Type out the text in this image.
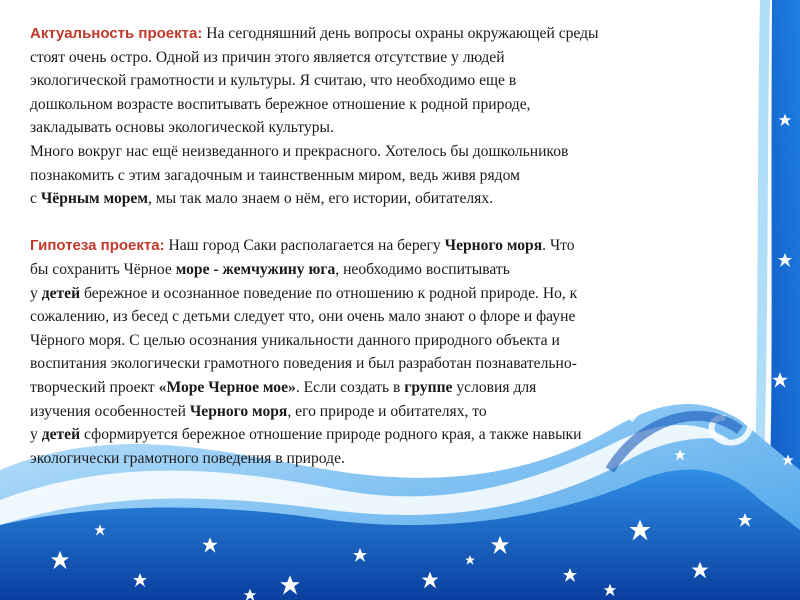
Актуальность проекта: На сегодняшний день вопросы охраны окружающей среды
стоят очень остро. Одной из причин этого является отсутствие у людей
экологической грамотности и культуры. Я считаю, что необходимо еще в
дошкольном возрасте воспитывать бережное отношение к родной природе,
закладывать основы экологической культуры.
Много вокруг нас ещё неизведанного и прекрасного. Хотелось бы дошкольников
познакомить с этим загадочным и таинственным миром, ведь живя рядом
с Чёрным морем, мы так мало знаем о нём, его истории, обитателях.

Гипотеза проекта: Наш город Саки располагается на берегу Черного моря. Что
бы сохранить Чёрное море - жемчужину юга, необходимо воспитывать
у детей бережное и осознанное поведение по отношению к родной природе. Но, к
сожалению, из бесед с детьми следует что, они очень мало знают о флоре и фауне
Чёрного моря. С целью осознания уникальности данного природного объекта и
воспитания экологически грамотного поведения и был разработан познавательно-
творческий проект «Море Черное мое». Если создать в группе условия для
изучения особенностей Черного моря, его природе и обитателях, то
у детей сформируется бережное отношение природе родного края, а также навыки
экологически грамотного поведения в природе.
